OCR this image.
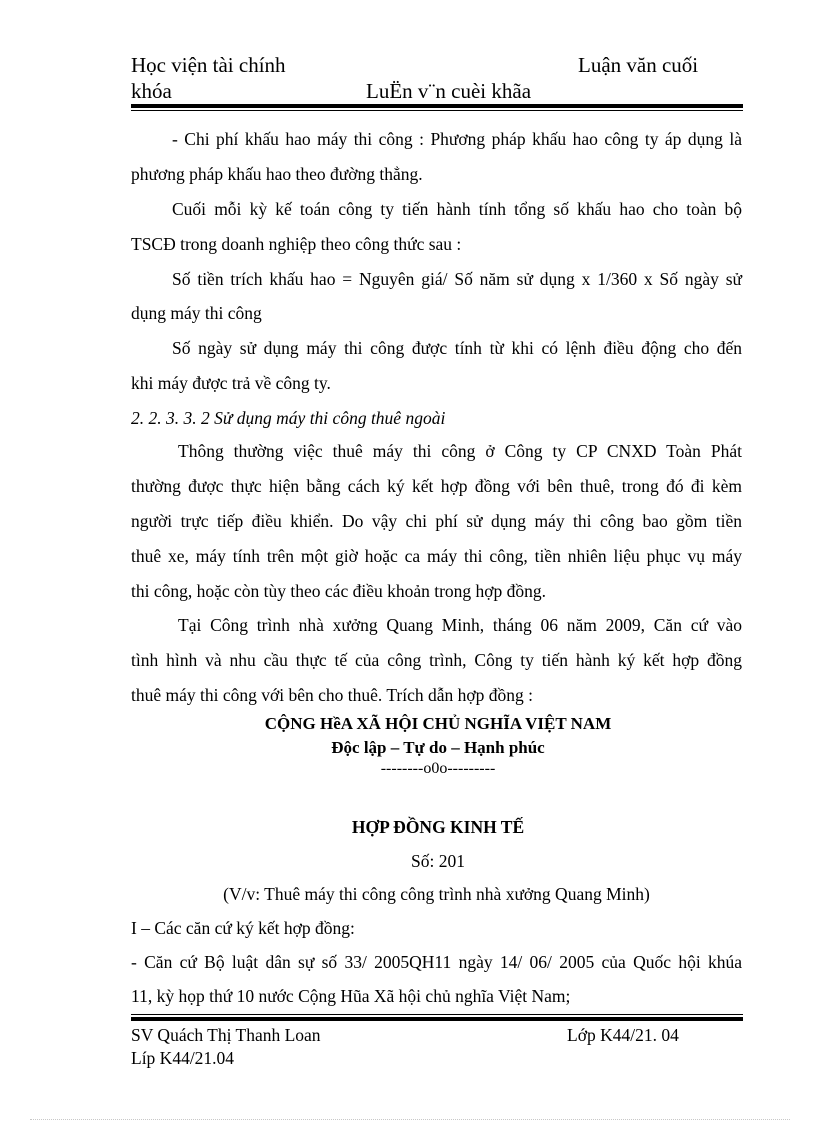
Học viện tài chính	Luận văn cuối
khóa	LuËn v¨n cuèi khãa
- Chi phí khấu hao máy thi công : Phương pháp khấu hao công ty áp dụng là
phương pháp khấu hao theo đường thẳng.
Cuối mỗi kỳ kế toán công ty tiến hành tính tổng số khấu hao cho toàn bộ
TSCĐ trong doanh nghiệp theo công thức sau :
Số tiền trích khấu hao = Nguyên giá/ Số năm sử dụng x 1/360 x Số ngày sử
dụng máy thi công
Số ngày sử dụng máy thi công được tính từ khi có lệnh điều động cho đến
khi máy được trả về công ty.
2. 2. 3. 3. 2 Sử dụng máy thi công thuê ngoài
Thông thường việc thuê máy thi công ở Công ty CP CNXD Toàn Phát
thường được thực hiện bằng cách ký kết hợp đồng với bên thuê, trong đó đi kèm
người trực tiếp điều khiển. Do vậy chi phí sử dụng máy thi công bao gồm tiền
thuê xe, máy tính trên một giờ hoặc ca máy thi công, tiền nhiên liệu phục vụ máy
thi công, hoặc còn tùy theo các điều khoản trong hợp đồng.
Tại Công trình nhà xưởng Quang Minh, tháng 06 năm 2009, Căn cứ vào
tình hình và nhu cầu thực tế của công trình, Công ty tiến hành ký kết hợp đồng
thuê máy thi công với bên cho thuê. Trích dẫn hợp đồng :
CỘNG HềA XÃ HỘI CHỦ NGHĨA VIỆT NAM
Độc lập – Tự do – Hạnh phúc
--------o0o---------
HỢP ĐỒNG KINH TẾ
Số: 201
(V/v: Thuê máy thi công công trình nhà xưởng Quang Minh)
I – Các căn cứ ký kết hợp đồng:
- Căn cứ Bộ luật dân sự số 33/ 2005QH11 ngày 14/ 06/ 2005 của Quốc hội khúa
11, kỳ họp thứ 10 nước Cộng Hũa Xã hội chủ nghĩa Việt Nam;
SV Quách Thị Thanh Loan	Lớp K44/21. 04
Líp K44/21.04
